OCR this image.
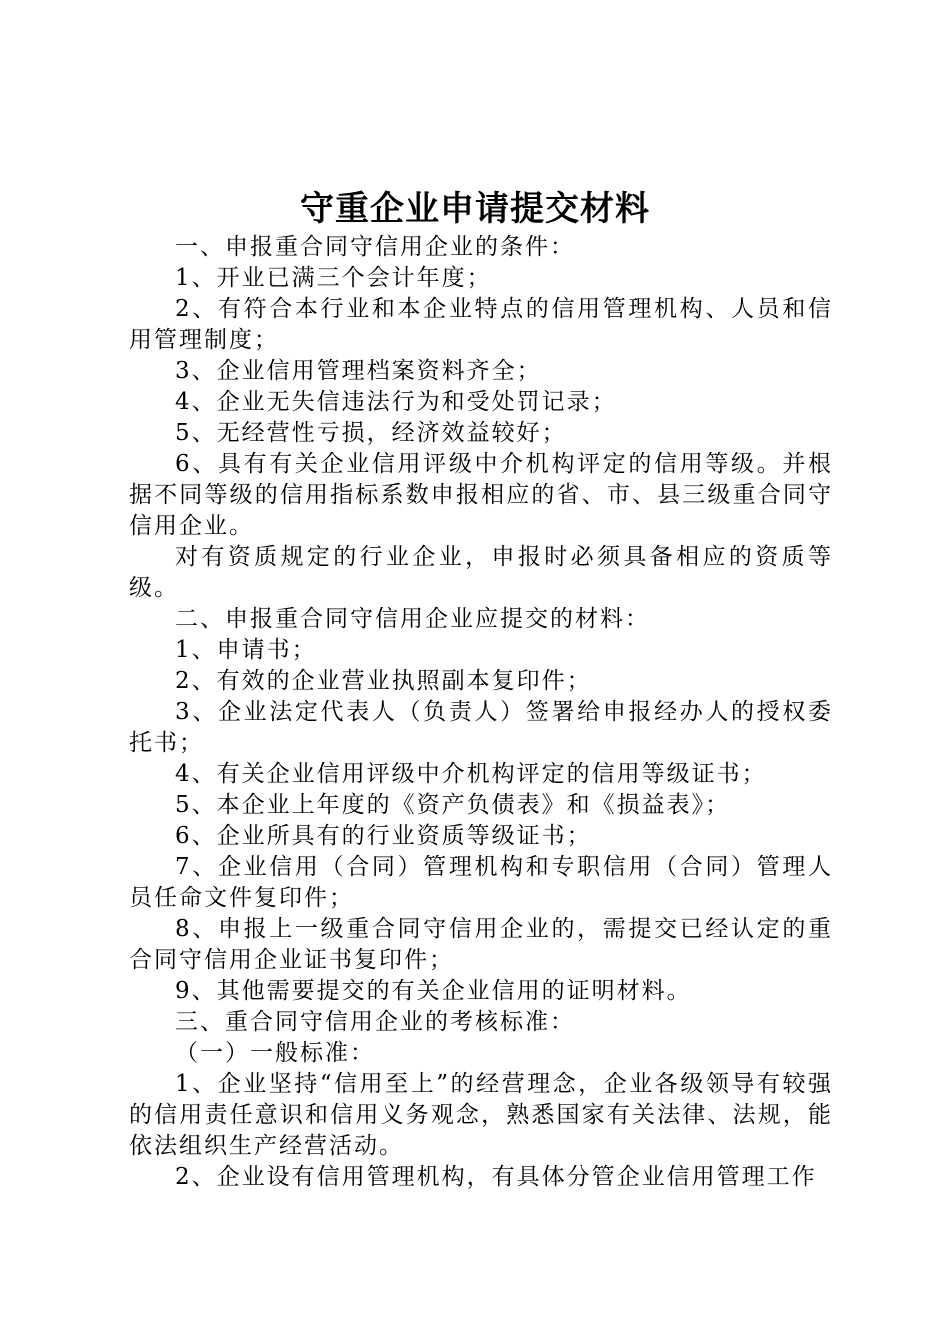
守重企业申请提交材料

一、申报重合同守信用企业的条件：

1、开业已满三个会计年度；

2、有符合本行业和本企业特点的信用管理机构、人员和信用管理制度；

3、企业信用管理档案资料齐全；

4、企业无失信违法行为和受处罚记录；

5、无经营性亏损，经济效益较好；

6、具有有关企业信用评级中介机构评定的信用等级。并根据不同等级的信用指标系数申报相应的省、市、县三级重合同守信用企业。

对有资质规定的行业企业，申报时必须具备相应的资质等级。

二、申报重合同守信用企业应提交的材料：

1、申请书；

2、有效的企业营业执照副本复印件；

3、企业法定代表人（负责人）签署给申报经办人的授权委托书；

4、有关企业信用评级中介机构评定的信用等级证书；

5、本企业上年度的《资产负债表》和《损益表》；

6、企业所具有的行业资质等级证书；

7、企业信用（合同）管理机构和专职信用（合同）管理人员任命文件复印件；

8、申报上一级重合同守信用企业的，需提交已经认定的重合同守信用企业证书复印件；

9、其他需要提交的有关企业信用的证明材料。

三、重合同守信用企业的考核标准：

（一）一般标准：

1、企业坚持“信用至上”的经营理念，企业各级领导有较强的信用责任意识和信用义务观念，熟悉国家有关法律、法规，能依法组织生产经营活动。

2、企业设有信用管理机构，有具体分管企业信用管理工作
